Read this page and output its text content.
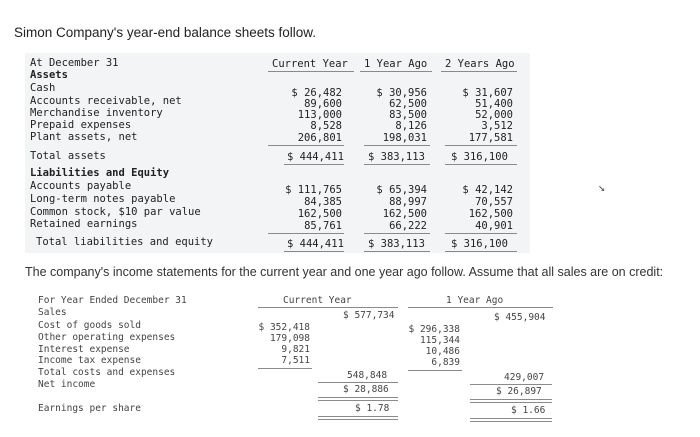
Simon Company's year-end balance sheets follow.
At December 31	Current Year 1 Year Ago 2 Years Ago
Assets
Cash	$ 26,482	$ 30,956	$ 31,607
Accounts receivable, net	89,600	62,500	51,400
Merchandise inventory	113,000	83,500	52,000
Prepaid expenses	8,528	8,126	3,512
Plant assets, net	206,801	198,031	177,581
Total assets	$ 444,411 $ 383,113 $ 316,100
Liabilities and Equity
Accounts payable	$ 111,765	$ 65,394	$ 42,142
Long-term notes payable	84,385	88,997	70,557
Common stock, $10 par value	162,500	162,500	162,500
Retained earnings	85,761	66,222	40,901
Total liabilities and equity	$ 444,411 $ 383,113 $ 316,100
↘
The company's income statements for the current year and one year ago follow. Assume that all sales are on credit:
For Year Ended December 31	Current Year	1 Year Ago
Sales	$ 577,734	$ 455,904
Cost of goods sold	$ 352,418	$ 296,338
Other operating expenses	179,098	115,344
Interest expense	9,821	10,486
Income tax expense	7,511	6,839
Total costs and expenses	548,848	429,007
Net income	$ 28,886	$ 26,897
Earnings per share	$ 1.78	$ 1.66
